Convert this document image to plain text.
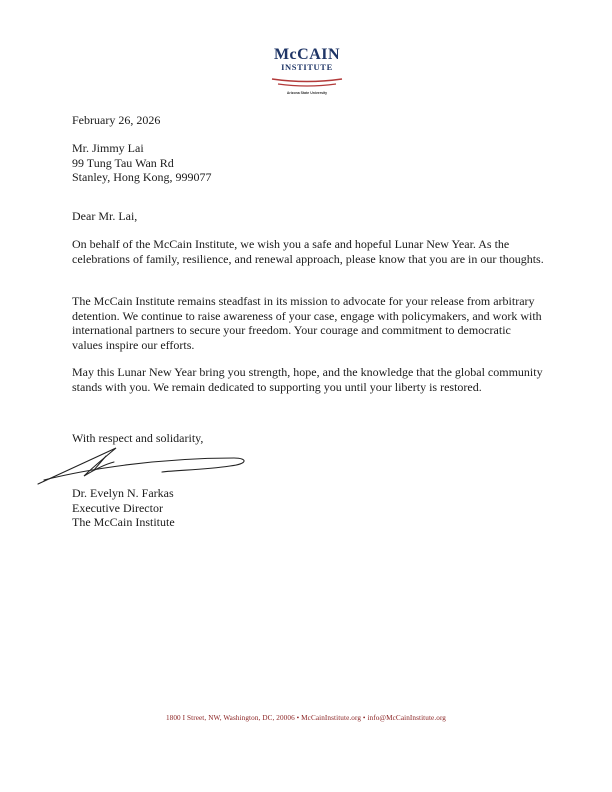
McCAIN
INSTITUTE
Arizona State University
February 26, 2026
Mr. Jimmy Lai
99 Tung Tau Wan Rd
Stanley, Hong Kong, 999077
Dear Mr. Lai,
On behalf of the McCain Institute, we wish you a safe and hopeful Lunar New Year. As the celebrations of family, resilience, and renewal approach, please know that you are in our thoughts.
The McCain Institute remains steadfast in its mission to advocate for your release from arbitrary detention. We continue to raise awareness of your case, engage with policymakers, and work with international partners to secure your freedom. Your courage and commitment to democratic values inspire our efforts.
May this Lunar New Year bring you strength, hope, and the knowledge that the global community stands with you. We remain dedicated to supporting you until your liberty is restored.
With respect and solidarity,
Dr. Evelyn N. Farkas
Executive Director
The McCain Institute
1800 I Street, NW, Washington, DC, 20006 • McCainInstitute.org • info@McCainInstitute.org
